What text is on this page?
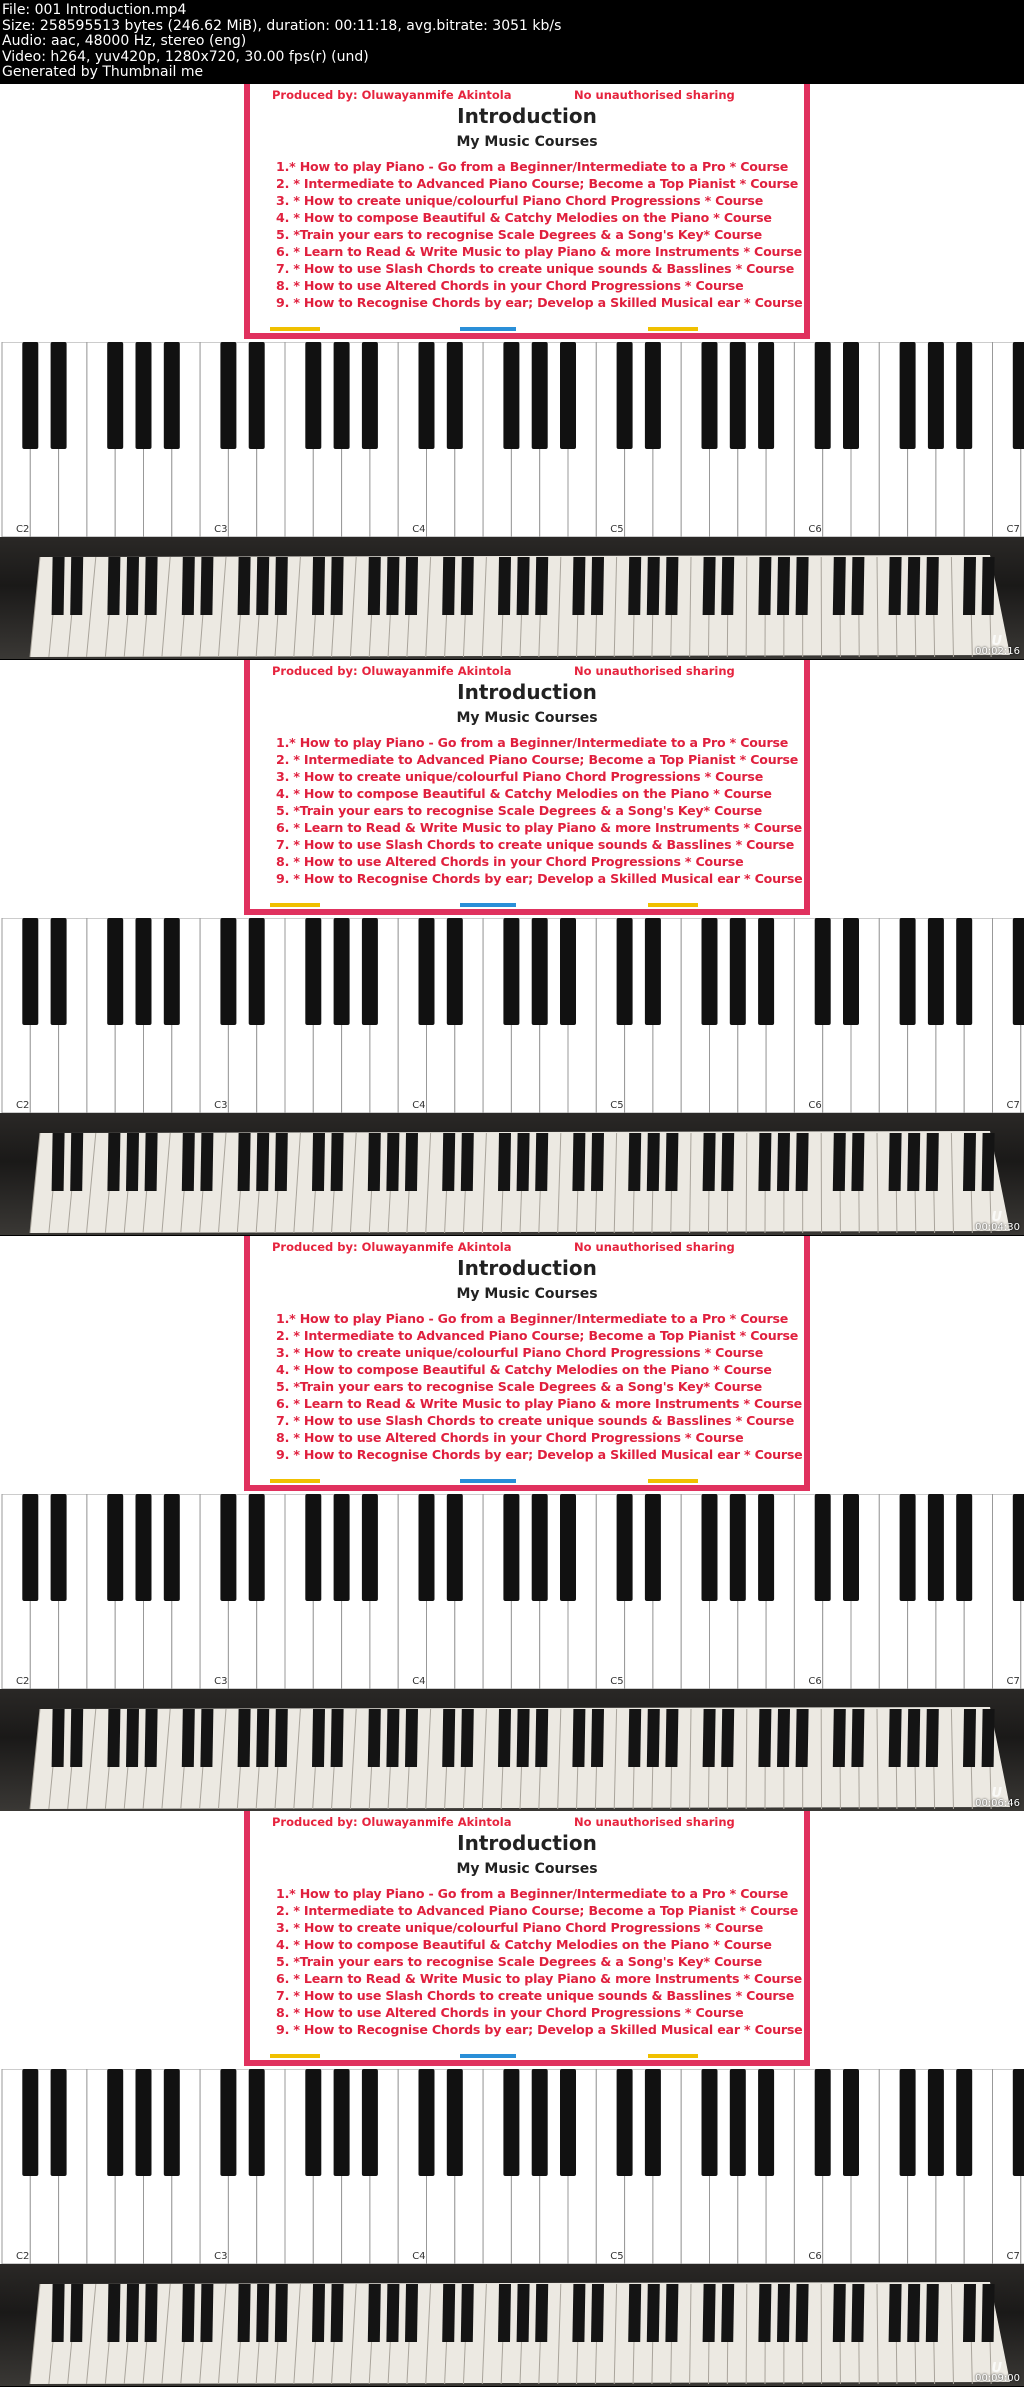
File: 001 Introduction.mp4
Size: 258595513 bytes (246.62 MiB), duration: 00:11:18, avg.bitrate: 3051 kb/s
Audio: aac, 48000 Hz, stereo (eng)
Video: h264, yuv420p, 1280x720, 30.00 fps(r) (und)
Generated by Thumbnail me
Produced by: Oluwayanmife Akintola	No unauthorised sharing
Introduction
My Music Courses
1.* How to play Piano - Go from a Beginner/Intermediate to a Pro * Course
2. * Intermediate to Advanced Piano Course; Become a Top Pianist * Course
3. * How to create unique/colourful Piano Chord Progressions * Course
4. * How to compose Beautiful & Catchy Melodies on the Piano * Course
5. *Train your ears to recognise Scale Degrees & a Song's Key* Course
6. * Learn to Read & Write Music to play Piano & more Instruments * Course
7. * How to use Slash Chords to create unique sounds & Basslines * Course
8. * How to use Altered Chords in your Chord Progressions * Course
9. * How to Recognise Chords by ear; Develop a Skilled Musical ear * Course
C2	C3	C4	C5	C6	C7
U
00:02:16
Produced by: Oluwayanmife Akintola	No unauthorised sharing
Introduction
My Music Courses
1.* How to play Piano - Go from a Beginner/Intermediate to a Pro * Course
2. * Intermediate to Advanced Piano Course; Become a Top Pianist * Course
3. * How to create unique/colourful Piano Chord Progressions * Course
4. * How to compose Beautiful & Catchy Melodies on the Piano * Course
5. *Train your ears to recognise Scale Degrees & a Song's Key* Course
6. * Learn to Read & Write Music to play Piano & more Instruments * Course
7. * How to use Slash Chords to create unique sounds & Basslines * Course
8. * How to use Altered Chords in your Chord Progressions * Course
9. * How to Recognise Chords by ear; Develop a Skilled Musical ear * Course
C2	C3	C4	C5	C6	C7
U
00:04:30
Produced by: Oluwayanmife Akintola	No unauthorised sharing
Introduction
My Music Courses
1.* How to play Piano - Go from a Beginner/Intermediate to a Pro * Course
2. * Intermediate to Advanced Piano Course; Become a Top Pianist * Course
3. * How to create unique/colourful Piano Chord Progressions * Course
4. * How to compose Beautiful & Catchy Melodies on the Piano * Course
5. *Train your ears to recognise Scale Degrees & a Song's Key* Course
6. * Learn to Read & Write Music to play Piano & more Instruments * Course
7. * How to use Slash Chords to create unique sounds & Basslines * Course
8. * How to use Altered Chords in your Chord Progressions * Course
9. * How to Recognise Chords by ear; Develop a Skilled Musical ear * Course
C2	C3	C4	C5	C6	C7
U
00:06:46
Produced by: Oluwayanmife Akintola	No unauthorised sharing
Introduction
My Music Courses
1.* How to play Piano - Go from a Beginner/Intermediate to a Pro * Course
2. * Intermediate to Advanced Piano Course; Become a Top Pianist * Course
3. * How to create unique/colourful Piano Chord Progressions * Course
4. * How to compose Beautiful & Catchy Melodies on the Piano * Course
5. *Train your ears to recognise Scale Degrees & a Song's Key* Course
6. * Learn to Read & Write Music to play Piano & more Instruments * Course
7. * How to use Slash Chords to create unique sounds & Basslines * Course
8. * How to use Altered Chords in your Chord Progressions * Course
9. * How to Recognise Chords by ear; Develop a Skilled Musical ear * Course
C2	C3	C4	C5	C6	C7
U
00:09:00
